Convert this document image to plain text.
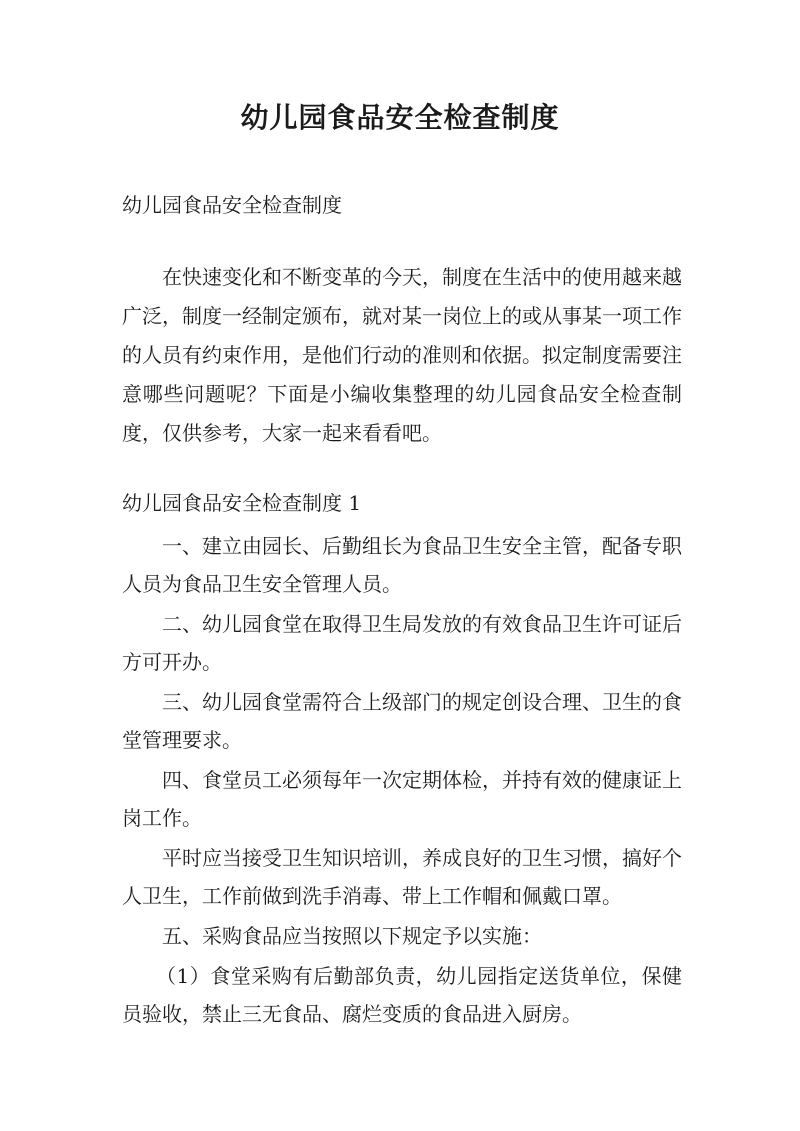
幼儿园食品安全检查制度

幼儿园食品安全检查制度

在快速变化和不断变革的今天，制度在生活中的使用越来越广泛，制度一经制定颁布，就对某一岗位上的或从事某一项工作的人员有约束作用，是他们行动的准则和依据。拟定制度需要注意哪些问题呢？下面是小编收集整理的幼儿园食品安全检查制度，仅供参考，大家一起来看看吧。

幼儿园食品安全检查制度 1

一、建立由园长、后勤组长为食品卫生安全主管，配备专职人员为食品卫生安全管理人员。

二、幼儿园食堂在取得卫生局发放的有效食品卫生许可证后方可开办。

三、幼儿园食堂需符合上级部门的规定创设合理、卫生的食堂管理要求。

四、食堂员工必须每年一次定期体检，并持有效的健康证上岗工作。

平时应当接受卫生知识培训，养成良好的卫生习惯，搞好个人卫生，工作前做到洗手消毒、带上工作帽和佩戴口罩。

五、采购食品应当按照以下规定予以实施：

（1）食堂采购有后勤部负责，幼儿园指定送货单位，保健员验收，禁止三无食品、腐烂变质的食品进入厨房。
